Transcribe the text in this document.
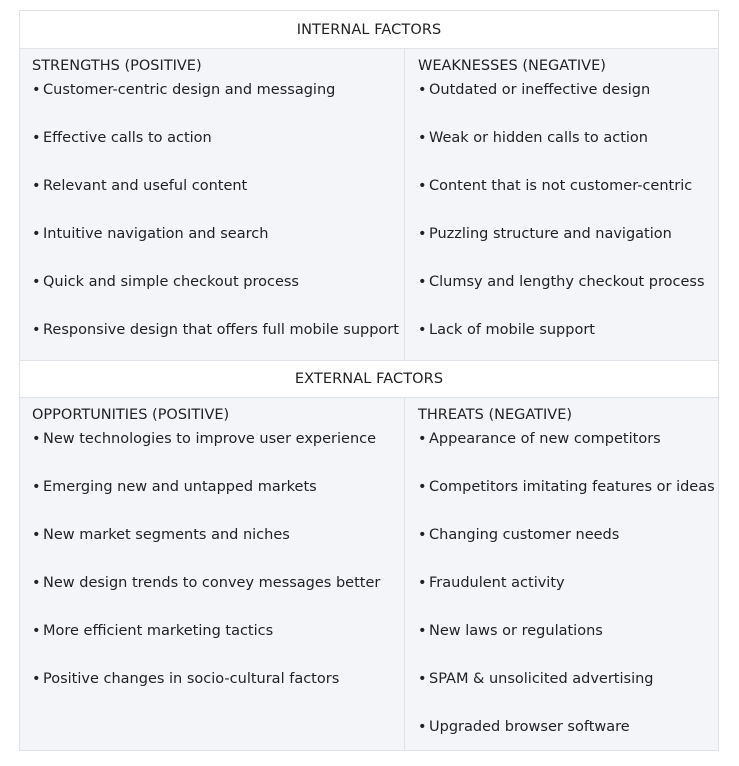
INTERNAL FACTORS
STRENGTHS (POSITIVE)
• Customer-centric design and messaging
• Effective calls to action
• Relevant and useful content
• Intuitive navigation and search
• Quick and simple checkout process
• Responsive design that offers full mobile support
WEAKNESSES (NEGATIVE)
• Outdated or ineffective design
• Weak or hidden calls to action
• Content that is not customer-centric
• Puzzling structure and navigation
• Clumsy and lengthy checkout process
• Lack of mobile support
EXTERNAL FACTORS
OPPORTUNITIES (POSITIVE)
• New technologies to improve user experience
• Emerging new and untapped markets
• New market segments and niches
• New design trends to convey messages better
• More efficient marketing tactics
• Positive changes in socio-cultural factors
THREATS (NEGATIVE)
• Appearance of new competitors
• Competitors imitating features or ideas
• Changing customer needs
• Fraudulent activity
• New laws or regulations
• SPAM & unsolicited advertising
• Upgraded browser software
